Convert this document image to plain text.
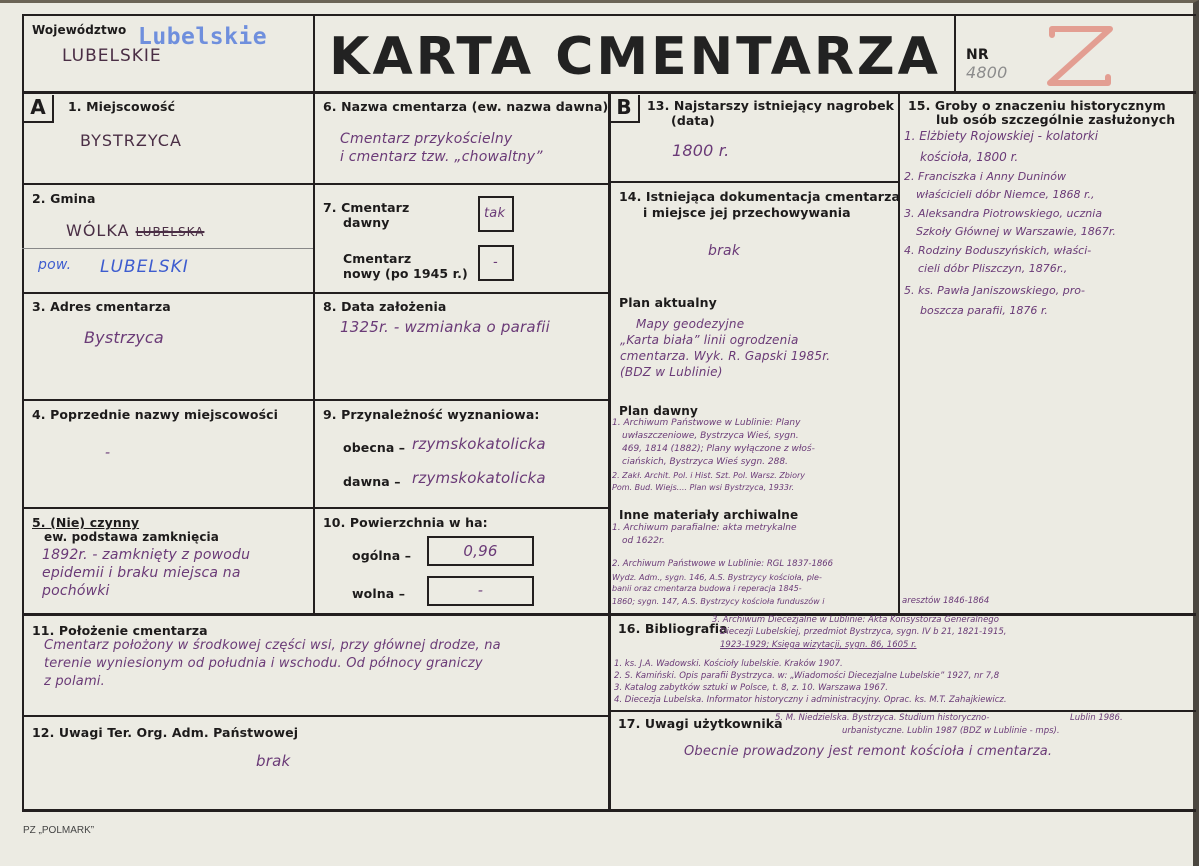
Województwo Lubelskie
LUBELSKIE	KARTA CMENTARZA	NR
4800
A	B
1. Miejscowość
BYSTRZYCA
2. Gmina
WÓLKA LUBELSKA
pow. LUBELSKI
3. Adres cmentarza
Bystrzyca
4. Poprzednie nazwy miejscowości
-
5. (Nie) czynny
ew. podstawa zamknięcia
1892r. - zamknięty z powodu
epidemii i braku miejsca na
pochówki
6. Nazwa cmentarza (ew. nazwa dawna)
Cmentarz przykościelny
i cmentarz tzw. „chowaltny”
7. Cmentarz
dawny
tak
Cmentarz
nowy (po 1945 r.)
-
8. Data założenia
1325r. - wzmianka o parafii
9. Przynależność wyznaniowa:
obecna – rzymskokatolicka
dawna – rzymskokatolicka
10. Powierzchnia w ha:
ogólna –	0,96
wolna –	-
11. Położenie cmentarza
Cmentarz położony w środkowej części wsi, przy głównej drodze, na
terenie wyniesionym od południa i wschodu. Od północy graniczy
z polami.
12. Uwagi Ter. Org. Adm. Państwowej
brak
13. Najstarszy istniejący nagrobek
(data)
1800 r.
14. Istniejąca dokumentacja cmentarza
i miejsce jej przechowywania
brak
Plan aktualny
Mapy geodezyjne
„Karta biała” linii ogrodzenia
cmentarza. Wyk. R. Gapski 1985r.
(BDZ w Lublinie)
Plan dawny
1. Archiwum Państwowe w Lublinie: Plany
uwłaszczeniowe, Bystrzyca Wieś, sygn.
469, 1814 (1882); Plany wyłączone z włoś-
ciańskich, Bystrzyca Wieś sygn. 288.
2. Zakł. Archit. Pol. i Hist. Szt. Pol. Warsz. Zbiory
Pom. Bud. Wiejs.... Plan wsi Bystrzyca, 1933r.
Inne materiały archiwalne
1. Archiwum parafialne: akta metrykalne
od 1622r.
2. Archiwum Państwowe w Lublinie: RGL 1837-1866
Wydz. Adm., sygn. 146, A.S. Bystrzycy kościoła, ple-
banii oraz cmentarza budowa i reperacja 1845-
1860; sygn. 147, A.S. Bystrzycy kościoła funduszów i	aresztów 1846-1864
15. Groby o znaczeniu historycznym
lub osób szczególnie zasłużonych
1. Elżbiety Rojowskiej - kolatorki
kościoła, 1800 r.
2. Franciszka i Anny Duninów
właścicieli dóbr Niemce, 1868 r.,
3. Aleksandra Piotrowskiego, ucznia
Szkoły Głównej w Warszawie, 1867r.
4. Rodziny Boduszyńskich, właści-
cieli dóbr Pliszczyn, 1876r.,
5. ks. Pawła Janiszowskiego, pro-
boszcza parafii, 1876 r.
16. Bibliografia
3. Archiwum Diecezjalne w Lublinie: Akta Konsystorza Generalnego
Diecezji Lubelskiej, przedmiot Bystrzyca, sygn. IV b 21, 1821-1915,
1923-1929; Księga wizytacji, sygn. 86, 1605 r.
1. ks. J.A. Wadowski. Kościoły lubelskie. Kraków 1907.
2. S. Kamiński. Opis parafii Bystrzyca. w: „Wiadomości Diecezjalne Lubelskie” 1927, nr 7,8
3. Katalog zabytków sztuki w Polsce, t. 8, z. 10. Warszawa 1967.
4. Diecezja Lubelska. Informator historyczny i administracyjny. Oprac. ks. M.T. Zahajkiewicz.
17. Uwagi użytkownika
5. M. Niedzielska. Bystrzyca. Studium historyczno-	Lublin 1986.
urbanistyczne. Lublin 1987 (BDZ w Lublinie - mps).
Obecnie prowadzony jest remont kościoła i cmentarza.
PZ „POLMARK”
